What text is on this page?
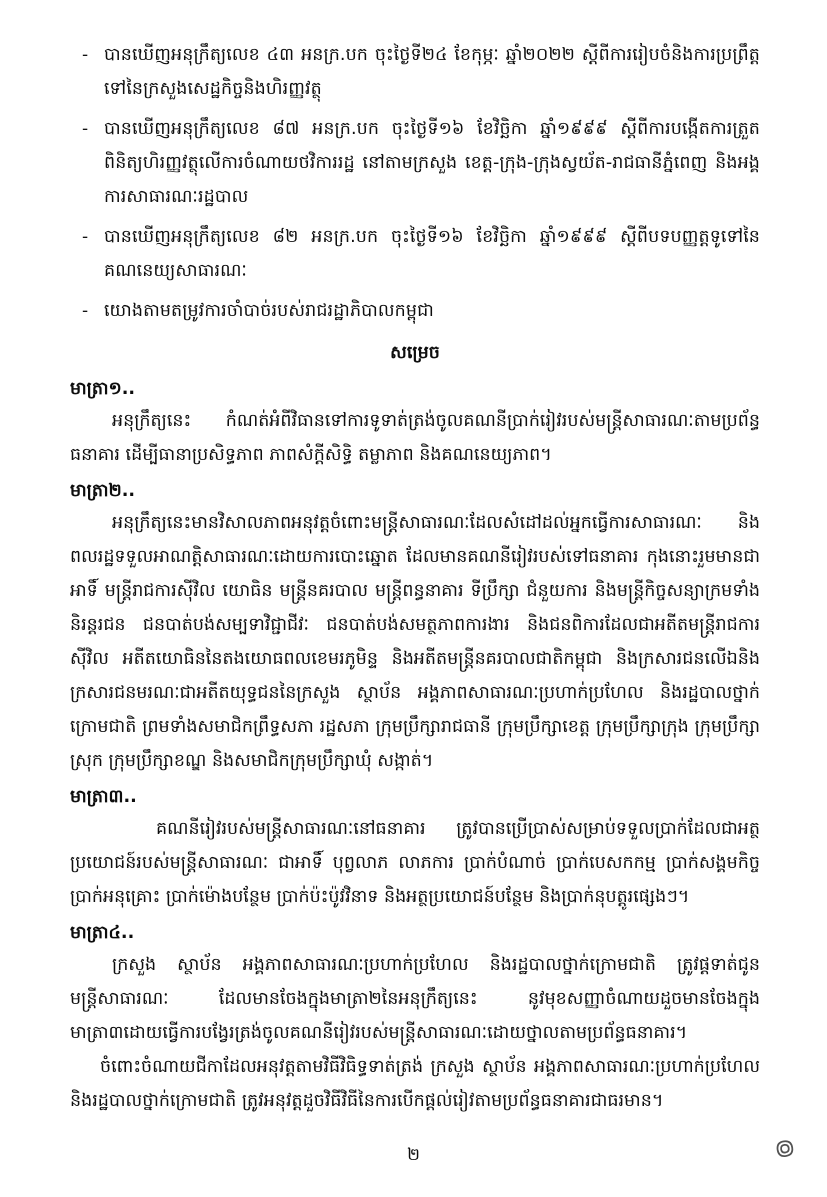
- បានឃើញអនុក្រឹត្យលេខ ៤៣ អនក្រ.បក ចុះថ្ងៃទី២៤ ខែកុម្ភៈ ឆ្នាំ២០២២ ស្ដីពីការរៀបចំនិងការប្រព្រឹត្តទៅនៃក្រសួងសេដ្ឋកិច្ចនិងហិរញ្ញវត្ថុ
- បានឃើញអនុក្រឹត្យលេខ ៨៧ អនក្រ.បក ចុះថ្ងៃទី១៦ ខែវិច្ឆិកា ឆ្នាំ១៩៩៩ ស្ដីពីការបង្កើតការត្រួតពិនិត្យហិរញ្ញវត្ថុលើការចំណាយថវិការរដ្ឋ នៅតាមក្រសួង ខេត្ត-ក្រុង-ក្រុងស្វយ័ត-រាជធានីភ្នំពេញ និងអង្គការសាធារណៈរដ្ឋបាល
- បានឃើញអនុក្រឹត្យលេខ ៨២ អនក្រ.បក ចុះថ្ងៃទី១៦ ខែវិច្ឆិកា ឆ្នាំ១៩៩៩ ស្ដីពីបទបញ្ញត្តទូទៅនៃគណនេយ្យសាធារណៈ
- យោងតាមតម្រូវការចាំបាច់របស់រាជរដ្ឋាភិបាលកម្ពុជា
សម្រេច
មាត្រា១..

អនុក្រឹត្យនេះ កំណត់អំពីវិធានទៅការទូទាត់ត្រង់ចូលគណនីប្រាក់រៀវរបស់មន្ត្រីសាធារណៈតាមប្រព័ន្ធធនាគារ ដើម្បីធានាប្រសិទ្ធភាព ភាពសំក្ដីសិទ្ធិ តម្លាភាព និងគណនេយ្យភាព។

មាត្រា២..

អនុក្រឹត្យនេះមានវិសាលភាពអនុវត្តចំពោះមន្ត្រីសាធារណៈដែលសំដៅដល់អ្នកធ្វើការសាធារណៈ និងពលរដ្ឋទទួលអាណត្តិសាធារណៈដោយការបោះឆ្នោត ដែលមានគណនីរៀវរបស់ទៅធនាគារ កុងនោះរួមមានជាអាទិ៍ មន្ត្រីរាជការស៊ីវិល យោធិន មន្ត្រីនគរបាល មន្ត្រីពន្ធនាគារ ទីប្រឹក្សា ជំនួយការ និងមន្ត្រីកិច្ចសន្យាក្រមទាំងនិរន្តរជន ជនបាត់បង់សម្បទាវិជ្ជាជីវៈ ជនបាត់បង់សមត្ថភាពការងារ និងជនពិការដែលជាអតីតមន្ត្រីរាជការស៊ីវិល អតីតយោធិននៃតងយោធពលខេមរភូមិន្ទ និងអតីតមន្ត្រីនគរបាលជាតិកម្ពុជា និងក្រសារជនលើឯនិងក្រសារជនមរណៈជាអតីតយុទ្ធជននៃក្រសួង ស្ថាប័ន អង្គភាពសាធារណៈប្រហាក់ប្រហែល និងរដ្ឋបាលថ្នាក់ក្រោមជាតិ ព្រមទាំងសមាជិកព្រឹទ្ធសភា រដ្ឋសភា ក្រុមប្រឹក្សារាជធានី ក្រុមប្រឹក្សាខេត្ត ក្រុមប្រឹក្សាក្រុង ក្រុមប្រឹក្សាស្រុក ក្រុមប្រឹក្សាខណ្ឌ និងសមាជិកក្រុមប្រឹក្សាឃុំ សង្កាត់។

មាត្រា៣..

គណនីរៀវរបស់មន្ត្រីសាធារណៈនៅធនាគារ ត្រូវបានប្រើប្រាស់សម្រាប់ទទួលប្រាក់ដែលជាអត្ថប្រយោជន៍របស់មន្ត្រីសាធារណៈ ជាអាទិ៍ បុព្វលាភ លាភការ ប្រាក់បំណាច់ ប្រាក់បេសកកម្ម ប្រាក់សង្គមកិច្ចប្រាក់អនុគ្រោះ ប្រាក់ម៉ោងបន្ថែម ប្រាក់ប៉ះប៉ូវវិនាទ និងអត្ថប្រយោជន៍បន្ថែម និងប្រាក់នុបត្តូរផ្សេងៗ។

មាត្រា៤..

ក្រសួង ស្ថាប័ន អង្គភាពសាធារណៈប្រហាក់ប្រហែល និងរដ្ឋបាលថ្នាក់ក្រោមជាតិ ត្រូវផ្ដទាត់ជូនមន្ត្រីសាធារណៈ ដែលមានចែងក្នុងមាត្រា២នៃអនុក្រឹត្យនេះ នូវមុខសញ្ញាចំណាយដួចមានចែងក្នុងមាត្រា៣ដោយធ្វើការបង្វែរត្រង់ចូលគណនីរៀវរបស់មន្ត្រីសាធារណៈដោយថ្នាលតាមប្រព័ន្ធធនាគារ។

ចំពោះចំណាយជីកាដែលអនុវត្តតាមវិធីវិធិទ្ធទាត់ត្រង់ ក្រសួង ស្ថាប័ន អង្គភាពសាធារណៈប្រហាក់ប្រហែល និងរដ្ឋបាលថ្នាក់ក្រោមជាតិ ត្រូវអនុវត្តដួចវិធីវិធីនៃការបើកផ្ដល់រៀវតាមប្រព័ន្ធធនាគារជាធរមាន។

២	៙
